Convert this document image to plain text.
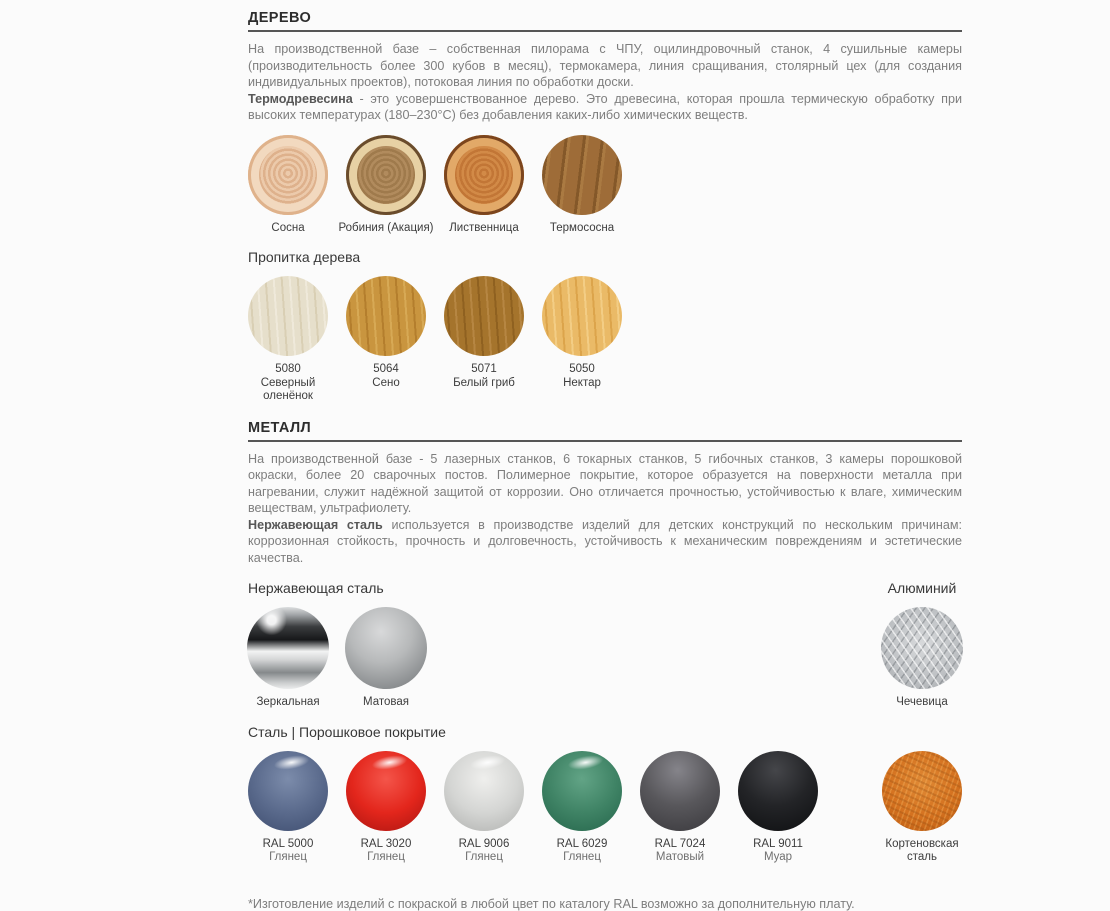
ДЕРЕВО
На производственной базе – собственная пилорама с ЧПУ, оцилиндровочный станок, 4 сушильные камеры (производительность более 300 кубов в месяц), термокамера, линия сращивания, столярный цех (для создания индивидуальных проектов), потоковая линия по обработки доски.
Термодревесина - это усовершенствованное дерево. Это древесина, которая прошла термическую обработку при высоких температурах (180–230°С) без добавления каких-либо химических веществ.
Сосна	Робиния (Акация) Лиственница	Термососна
Пропитка дерева
5080
Северный оленёнок
5064
Сено
5071
Белый гриб
5050
Нектар
МЕТАЛЛ
На производственной базе - 5 лазерных станков, 6 токарных станков, 5 гибочных станков, 3 камеры порошковой окраски, более 20 сварочных постов. Полимерное покрытие, которое образуется на поверхности металла при нагревании, служит надёжной защитой от коррозии. Оно отличается прочностью, устойчивостью к влаге, химическим веществам, ультрафиолету.
Нержавеющая сталь используется в производстве изделий для детских конструкций по нескольким причинам: коррозионная стойкость, прочность и долговечность, устойчивость к механическим повреждениям и эстетические качества.
Нержавеющая сталь
Зеркальная	Матовая
Алюминий
Чечевица
Сталь | Порошковое покрытие
RAL 5000
Глянец
RAL 3020
Глянец
RAL 9006
Глянец
RAL 6029
Глянец
RAL 7024
Матовый
RAL 9011
Муар
Кортеновская сталь
*Изготовление изделий с покраской в любой цвет по каталогу RAL возможно за дополнительную плату.
